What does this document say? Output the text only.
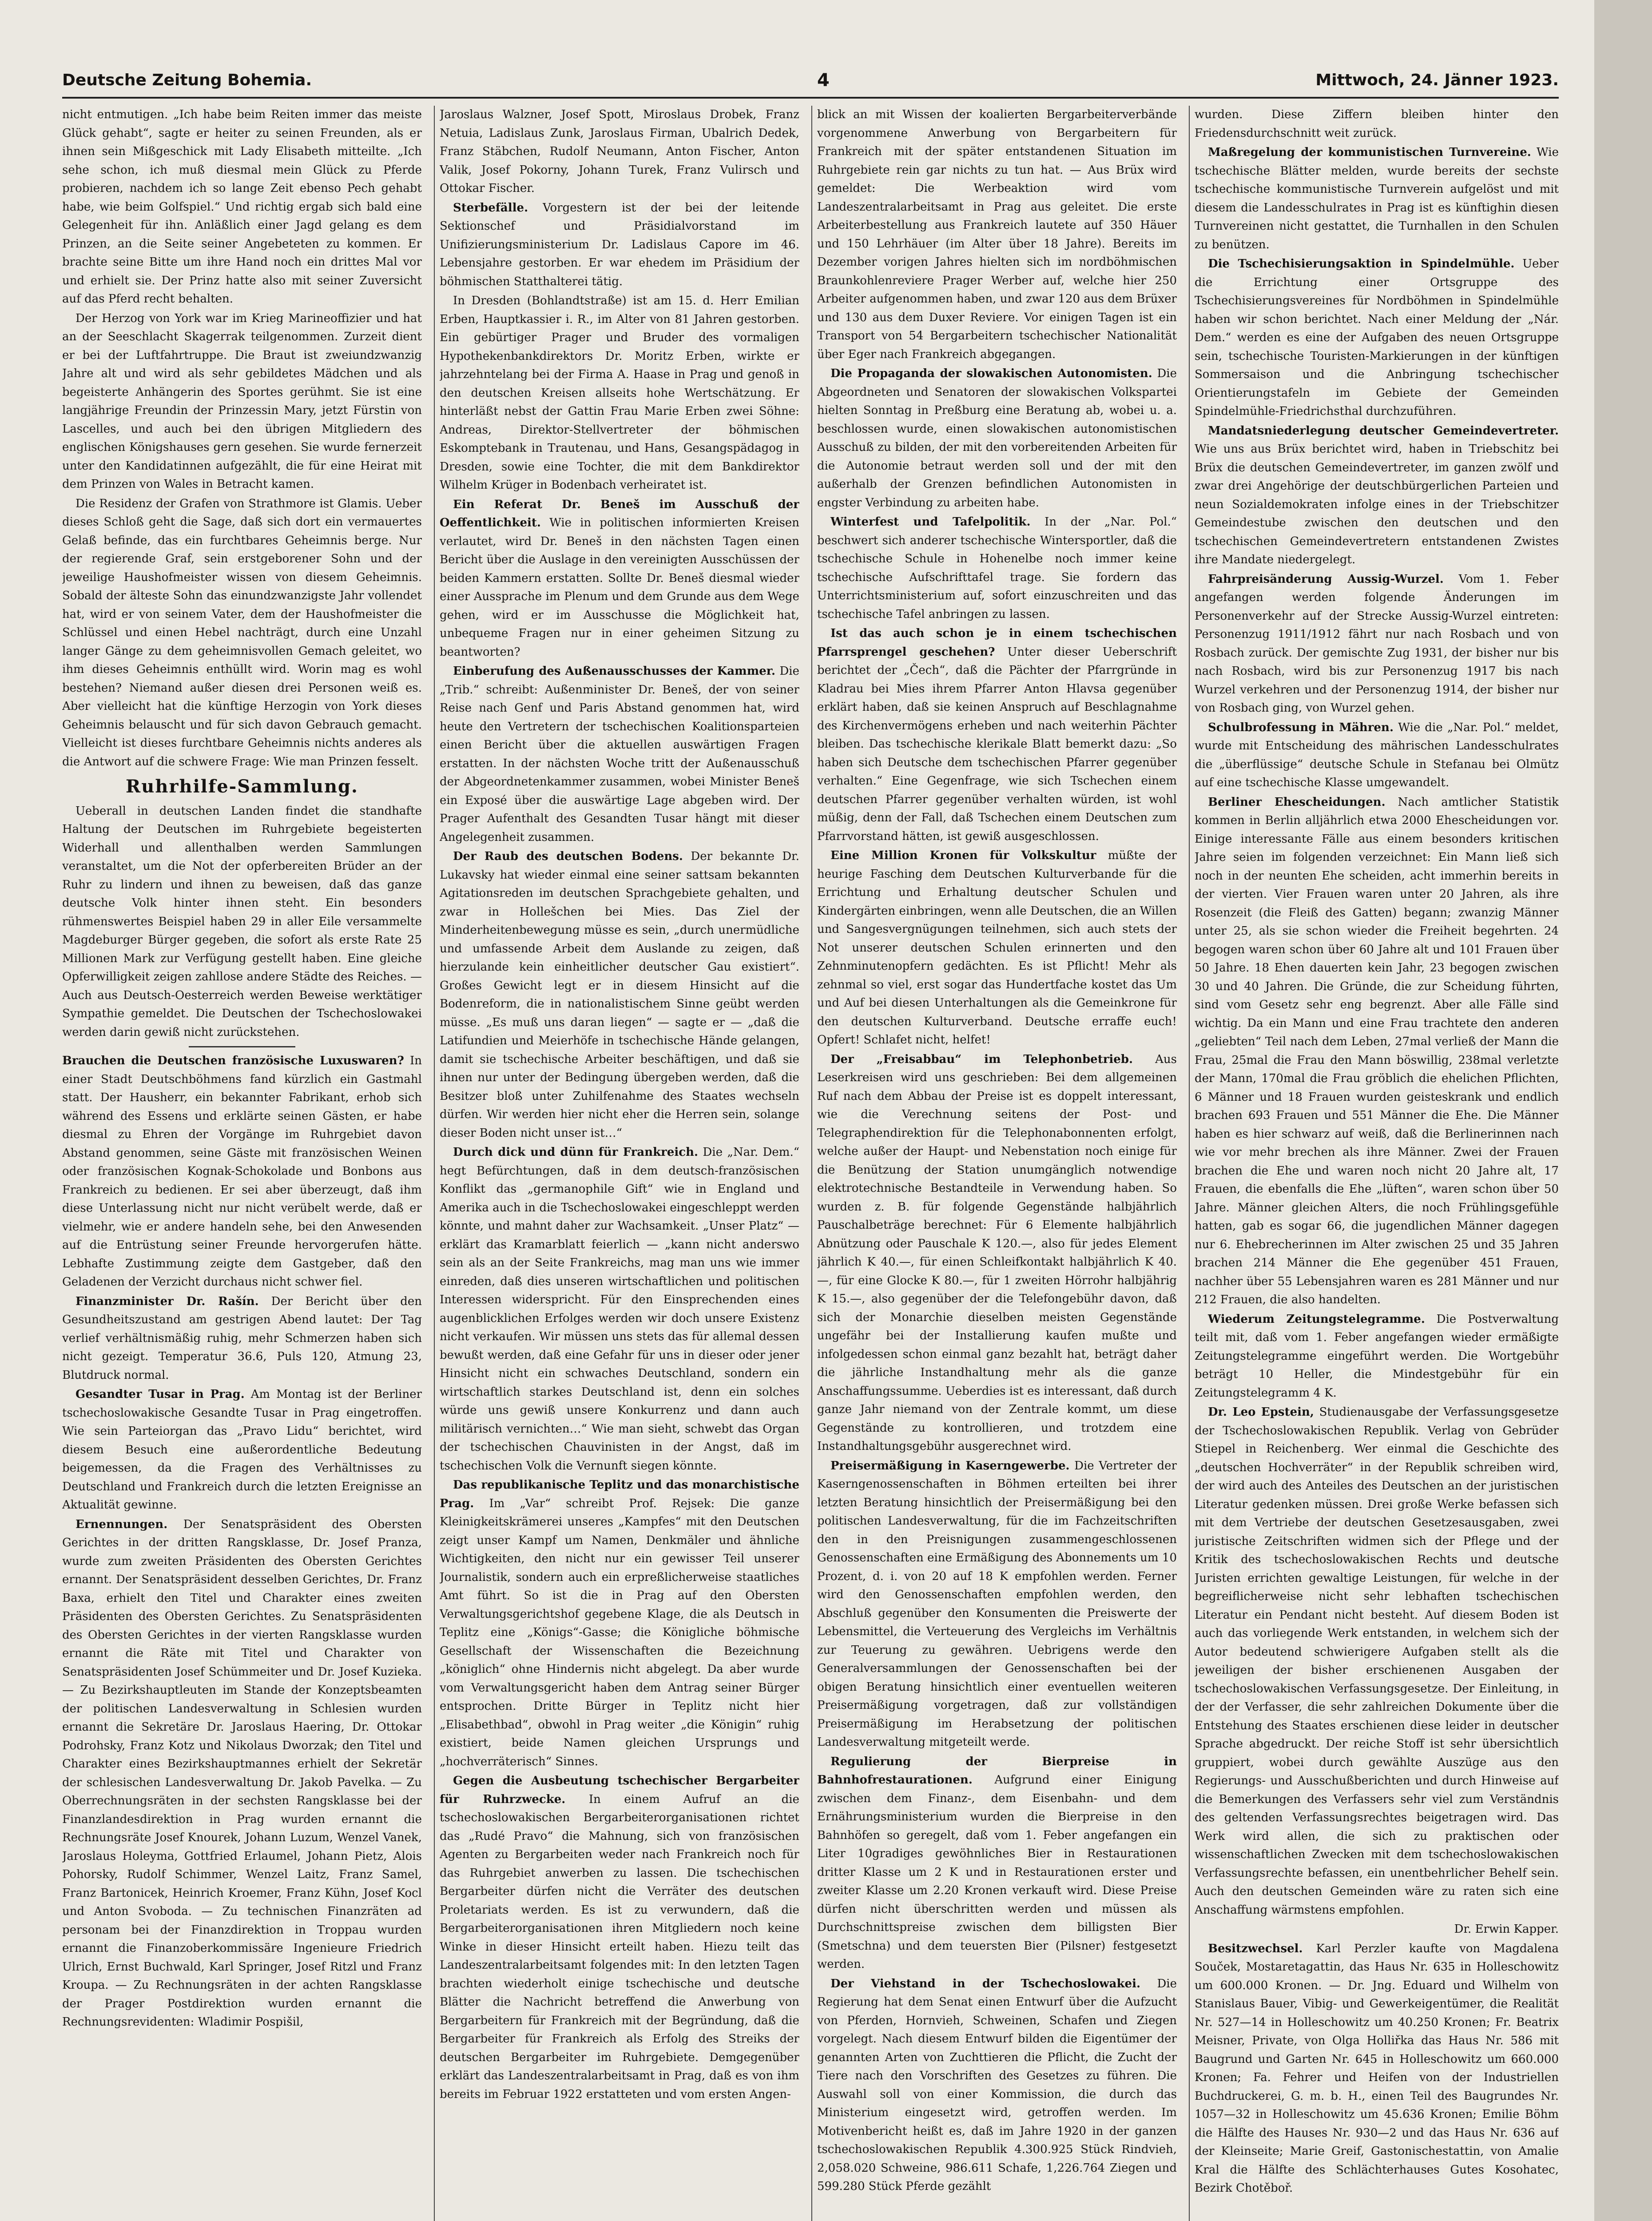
Deutsche Zeitung Bohemia.	4	Mittwoch, 24. Jänner 1923.

nicht entmutigen. „Ich habe beim Reiten immer das meiste Glück gehabt“, sagte er heiter zu seinen Freunden, als er ihnen sein Mißgeschick mit Lady Elisabeth mitteilte. „Ich sehe schon, ich muß diesmal mein Glück zu Pferde probieren, nachdem ich so lange Zeit ebenso Pech gehabt habe, wie beim Golfspiel.“ Und richtig ergab sich bald eine Gelegenheit für ihn. Anläßlich einer Jagd gelang es dem Prinzen, an die Seite seiner Angebeteten zu kommen. Er brachte seine Bitte um ihre Hand noch ein drittes Mal vor und erhielt sie. Der Prinz hatte also mit seiner Zuversicht auf das Pferd recht behalten.

Der Herzog von York war im Krieg Marineoffizier und hat an der Seeschlacht Skagerrak teilgenommen. Zurzeit dient er bei der Luftfahrtruppe. Die Braut ist zweiundzwanzig Jahre alt und wird als sehr gebildetes Mädchen und als begeisterte Anhängerin des Sportes gerühmt. Sie ist eine langjährige Freundin der Prinzessin Mary, jetzt Fürstin von Lascelles, und auch bei den übrigen Mitgliedern des englischen Königshauses gern gesehen. Sie wurde fernerzeit unter den Kandidatinnen aufgezählt, die für eine Heirat mit dem Prinzen von Wales in Betracht kamen.

Die Residenz der Grafen von Strathmore ist Glamis. Ueber dieses Schloß geht die Sage, daß sich dort ein vermauertes Gelaß befinde, das ein furchtbares Geheimnis berge. Nur der regierende Graf, sein erstgeborener Sohn und der jeweilige Haushofmeister wissen von diesem Geheimnis. Sobald der älteste Sohn das einundzwanzigste Jahr vollendet hat, wird er von seinem Vater, dem der Haushofmeister die Schlüssel und einen Hebel nachträgt, durch eine Unzahl langer Gänge zu dem geheimnisvollen Gemach geleitet, wo ihm dieses Geheimnis enthüllt wird. Worin mag es wohl bestehen? Niemand außer diesen drei Personen weiß es. Aber vielleicht hat die künftige Herzogin von York dieses Geheimnis belauscht und für sich davon Gebrauch gemacht. Vielleicht ist dieses furchtbare Geheimnis nichts anderes als die Antwort auf die schwere Frage: Wie man Prinzen fesselt.

Ruhrhilfe-Sammlung.

Ueberall in deutschen Landen findet die standhafte Haltung der Deutschen im Ruhrgebiete begeisterten Widerhall und allenthalben werden Sammlungen veranstaltet, um die Not der opferbereiten Brüder an der Ruhr zu lindern und ihnen zu beweisen, daß das ganze deutsche Volk hinter ihnen steht. Ein besonders rühmenswertes Beispiel haben 29 in aller Eile versammelte Magdeburger Bürger gegeben, die sofort als erste Rate 25 Millionen Mark zur Verfügung gestellt haben. Eine gleiche Opferwilligkeit zeigen zahllose andere Städte des Reiches. — Auch aus Deutsch-Oesterreich werden Beweise werktätiger Sympathie gemeldet. Die Deutschen der Tschechoslowakei werden darin gewiß nicht zurückstehen.

Brauchen die Deutschen französische Luxuswaren? In einer Stadt Deutschböhmens fand kürzlich ein Gastmahl statt. Der Hausherr, ein bekannter Fabrikant, erhob sich während des Essens und erklärte seinen Gästen, er habe diesmal zu Ehren der Vorgänge im Ruhrgebiet davon Abstand genommen, seine Gäste mit französischen Weinen oder französischen Kognak-Schokolade und Bonbons aus Frankreich zu bedienen. Er sei aber überzeugt, daß ihm diese Unterlassung nicht nur nicht verübelt werde, daß er vielmehr, wie er andere handeln sehe, bei den Anwesenden auf die Entrüstung seiner Freunde hervorgerufen hätte. Lebhafte Zustimmung zeigte dem Gastgeber, daß den Geladenen der Verzicht durchaus nicht schwer fiel.

Finanzminister Dr. Rašín. Der Bericht über den Gesundheitszustand am gestrigen Abend lautet: Der Tag verlief verhältnismäßig ruhig, mehr Schmerzen haben sich nicht gezeigt. Temperatur 36.6, Puls 120, Atmung 23, Blutdruck normal.

Gesandter Tusar in Prag. Am Montag ist der Berliner tschechoslowakische Gesandte Tusar in Prag eingetroffen. Wie sein Parteiorgan das „Pravo Lidu“ berichtet, wird diesem Besuch eine außerordentliche Bedeutung beigemessen, da die Fragen des Verhältnisses zu Deutschland und Frankreich durch die letzten Ereignisse an Aktualität gewinne.

Ernennungen. Der Senatspräsident des Obersten Gerichtes in der dritten Rangsklasse, Dr. Josef Pranza, wurde zum zweiten Präsidenten des Obersten Gerichtes ernannt. Der Senatspräsident desselben Gerichtes, Dr. Franz Baxa, erhielt den Titel und Charakter eines zweiten Präsidenten des Obersten Gerichtes. Zu Senatspräsidenten des Obersten Gerichtes in der vierten Rangsklasse wurden ernannt die Räte mit Titel und Charakter von Senatspräsidenten Josef Schümmeiter und Dr. Josef Kuzieka. — Zu Bezirkshauptleuten im Stande der Konzeptsbeamten der politischen Landesverwaltung in Schlesien wurden ernannt die Sekretäre Dr. Jaroslaus Haering, Dr. Ottokar Podrohsky, Franz Kotz und Nikolaus Dworzak; den Titel und Charakter eines Bezirkshauptmannes erhielt der Sekretär der schlesischen Landesverwaltung Dr. Jakob Pavelka. — Zu Oberrechnungsräten in der sechsten Rangsklasse bei der Finanzlandesdirektion in Prag wurden ernannt die Rechnungsräte Josef Knourek, Johann Luzum, Wenzel Vanek, Jaroslaus Holeyma, Gottfried Erlaumel, Johann Pietz, Alois Pohorsky, Rudolf Schimmer, Wenzel Laitz, Franz Samel, Franz Bartonicek, Heinrich Kroemer, Franz Kühn, Josef Kocl und Anton Svoboda. — Zu technischen Finanzräten ad personam bei der Finanzdirektion in Troppau wurden ernannt die Finanzoberkommissäre Ingenieure Friedrich Ulrich, Ernst Buchwald, Karl Springer, Josef Ritzl und Franz Kroupa. — Zu Rechnungsräten in der achten Rangsklasse der Prager Postdirektion wurden ernannt die Rechnungsrevidenten: Wladimir Pospišil,

Jaroslaus Walzner, Josef Spott, Miroslaus Drobek, Franz Netuia, Ladislaus Zunk, Jaroslaus Firman, Ubalrich Dedek, Franz Stäbchen, Rudolf Neumann, Anton Fischer, Anton Valik, Josef Pokorny, Johann Turek, Franz Vulirsch und Ottokar Fischer.

Sterbefälle. Vorgestern ist der bei der leitende Sektionschef und Präsidialvorstand im Unifizierungsministerium Dr. Ladislaus Capore im 46. Lebensjahre gestorben. Er war ehedem im Präsidium der böhmischen Statthalterei tätig.

In Dresden (Bohlandtstraße) ist am 15. d. Herr Emilian Erben, Hauptkassier i. R., im Alter von 81 Jahren gestorben. Ein gebürtiger Prager und Bruder des vormaligen Hypothekenbankdirektors Dr. Moritz Erben, wirkte er jahrzehntelang bei der Firma A. Haase in Prag und genoß in den deutschen Kreisen allseits hohe Wertschätzung. Er hinterläßt nebst der Gattin Frau Marie Erben zwei Söhne: Andreas, Direktor-Stellvertreter der böhmischen Eskomptebank in Trautenau, und Hans, Gesangspädagog in Dresden, sowie eine Tochter, die mit dem Bankdirektor Wilhelm Krüger in Bodenbach verheiratet ist.

Ein Referat Dr. Beneš im Ausschuß der Oeffentlichkeit. Wie in politischen informierten Kreisen verlautet, wird Dr. Beneš in den nächsten Tagen einen Bericht über die Auslage in den vereinigten Ausschüssen der beiden Kammern erstatten. Sollte Dr. Beneš diesmal wieder einer Aussprache im Plenum und dem Grunde aus dem Wege gehen, wird er im Ausschusse die Möglichkeit hat, unbequeme Fragen nur in einer geheimen Sitzung zu beantworten?

Einberufung des Außenausschusses der Kammer. Die „Trib.“ schreibt: Außenminister Dr. Beneš, der von seiner Reise nach Genf und Paris Abstand genommen hat, wird heute den Vertretern der tschechischen Koalitionsparteien einen Bericht über die aktuellen auswärtigen Fragen erstatten. In der nächsten Woche tritt der Außenausschuß der Abgeordnetenkammer zusammen, wobei Minister Beneš ein Exposé über die auswärtige Lage abgeben wird. Der Prager Aufenthalt des Gesandten Tusar hängt mit dieser Angelegenheit zusammen.

Der Raub des deutschen Bodens. Der bekannte Dr. Lukavsky hat wieder einmal eine seiner sattsam bekannten Agitationsreden im deutschen Sprachgebiete gehalten, und zwar in Hollešchen bei Mies. Das Ziel der Minderheitenbewegung müsse es sein, „durch unermüdliche und umfassende Arbeit dem Auslande zu zeigen, daß hierzulande kein einheitlicher deutscher Gau existiert“. Großes Gewicht legt er in diesem Hinsicht auf die Bodenreform, die in nationalistischem Sinne geübt werden müsse. „Es muß uns daran liegen“ — sagte er — „daß die Latifundien und Meierhöfe in tschechische Hände gelangen, damit sie tschechische Arbeiter beschäftigen, und daß sie ihnen nur unter der Bedingung übergeben werden, daß die Besitzer bloß unter Zuhilfenahme des Staates wechseln dürfen. Wir werden hier nicht eher die Herren sein, solange dieser Boden nicht unser ist…“

Durch dick und dünn für Frankreich. Die „Nar. Dem.“ hegt Befürchtungen, daß in dem deutsch-französischen Konflikt das „germanophile Gift“ wie in England und Amerika auch in die Tschechoslowakei eingeschleppt werden könnte, und mahnt daher zur Wachsamkeit. „Unser Platz“ — erklärt das Kramarblatt feierlich — „kann nicht anderswo sein als an der Seite Frankreichs, mag man uns wie immer einreden, daß dies unseren wirtschaftlichen und politischen Interessen widerspricht. Für den Einsprechenden eines augenblicklichen Erfolges werden wir doch unsere Existenz nicht verkaufen. Wir müssen uns stets das für allemal dessen bewußt werden, daß eine Gefahr für uns in dieser oder jener Hinsicht nicht ein schwaches Deutschland, sondern ein wirtschaftlich starkes Deutschland ist, denn ein solches würde uns gewiß unsere Konkurrenz und dann auch militärisch vernichten…“ Wie man sieht, schwebt das Organ der tschechischen Chauvinisten in der Angst, daß im tschechischen Volk die Vernunft siegen könnte.

Das republikanische Teplitz und das monarchistische Prag. Im „Var“ schreibt Prof. Rejsek: Die ganze Kleinigkeitskrämerei unseres „Kampfes“ mit den Deutschen zeigt unser Kampf um Namen, Denkmäler und ähnliche Wichtigkeiten, den nicht nur ein gewisser Teil unserer Journalistik, sondern auch ein erpreßlicherweise staatliches Amt führt. So ist die in Prag auf den Obersten Verwaltungsgerichtshof gegebene Klage, die als Deutsch in Teplitz eine „Königs“-Gasse; die Königliche böhmische Gesellschaft der Wissenschaften die Bezeichnung „königlich“ ohne Hindernis nicht abgelegt. Da aber wurde vom Verwaltungsgericht haben dem Antrag seiner Bürger entsprochen. Dritte Bürger in Teplitz nicht hier „Elisabethbad“, obwohl in Prag weiter „die Königin“ ruhig existiert, beide Namen gleichen Ursprungs und „hochverräterisch“ Sinnes.

Gegen die Ausbeutung tschechischer Bergarbeiter für Ruhrzwecke. In einem Aufruf an die tschechoslowakischen Bergarbeiterorganisationen richtet das „Rudé Pravo“ die Mahnung, sich von französischen Agenten zu Bergarbeiten weder nach Frankreich noch für das Ruhrgebiet anwerben zu lassen. Die tschechischen Bergarbeiter dürfen nicht die Verräter des deutschen Proletariats werden. Es ist zu verwundern, daß die Bergarbeiterorganisationen ihren Mitgliedern noch keine Winke in dieser Hinsicht erteilt haben. Hiezu teilt das Landeszentralarbeitsamt folgendes mit: In den letzten Tagen brachten wiederholt einige tschechische und deutsche Blätter die Nachricht betreffend die Anwerbung von Bergarbeitern für Frankreich mit der Begründung, daß die Bergarbeiter für Frankreich als Erfolg des Streiks der deutschen Bergarbeiter im Ruhrgebiete. Demgegenüber erklärt das Landeszentralarbeitsamt in Prag, daß es von ihm bereits im Februar 1922 erstatteten und vom ersten Angen-

blick an mit Wissen der koalierten Bergarbeiterverbände vorgenommene Anwerbung von Bergarbeitern für Frankreich mit der später entstandenen Situation im Ruhrgebiete rein gar nichts zu tun hat. — Aus Brüx wird gemeldet: Die Werbeaktion wird vom Landeszentralarbeitsamt in Prag aus geleitet. Die erste Arbeiterbestellung aus Frankreich lautete auf 350 Häuer und 150 Lehrhäuer (im Alter über 18 Jahre). Bereits im Dezember vorigen Jahres hielten sich im nordböhmischen Braunkohlenreviere Prager Werber auf, welche hier 250 Arbeiter aufgenommen haben, und zwar 120 aus dem Brüxer und 130 aus dem Duxer Reviere. Vor einigen Tagen ist ein Transport von 54 Bergarbeitern tschechischer Nationalität über Eger nach Frankreich abgegangen.

Die Propaganda der slowakischen Autonomisten. Die Abgeordneten und Senatoren der slowakischen Volkspartei hielten Sonntag in Preßburg eine Beratung ab, wobei u. a. beschlossen wurde, einen slowakischen autonomistischen Ausschuß zu bilden, der mit den vorbereitenden Arbeiten für die Autonomie betraut werden soll und der mit den außerhalb der Grenzen befindlichen Autonomisten in engster Verbindung zu arbeiten habe.

Winterfest und Tafelpolitik. In der „Nar. Pol.“ beschwert sich anderer tschechische Wintersportler, daß die tschechische Schule in Hohenelbe noch immer keine tschechische Aufschrifttafel trage. Sie fordern das Unterrichtsministerium auf, sofort einzuschreiten und das tschechische Tafel anbringen zu lassen.

Ist das auch schon je in einem tschechischen Pfarrsprengel geschehen? Unter dieser Ueberschrift berichtet der „Čech“, daß die Pächter der Pfarrgründe in Kladrau bei Mies ihrem Pfarrer Anton Hlavsa gegenüber erklärt haben, daß sie keinen Anspruch auf Beschlagnahme des Kirchenvermögens erheben und nach weiterhin Pächter bleiben. Das tschechische klerikale Blatt bemerkt dazu: „So haben sich Deutsche dem tschechischen Pfarrer gegenüber verhalten.“ Eine Gegenfrage, wie sich Tschechen einem deutschen Pfarrer gegenüber verhalten würden, ist wohl müßig, denn der Fall, daß Tschechen einem Deutschen zum Pfarrvorstand hätten, ist gewiß ausgeschlossen.

Eine Million Kronen für Volkskultur müßte der heurige Fasching dem Deutschen Kulturverbande für die Errichtung und Erhaltung deutscher Schulen und Kindergärten einbringen, wenn alle Deutschen, die an Willen und Sangesvergnügungen teilnehmen, sich auch stets der Not unserer deutschen Schulen erinnerten und den Zehnminutenopfern gedächten. Es ist Pflicht! Mehr als zehnmal so viel, erst sogar das Hundertfache kostet das Um und Auf bei diesen Unterhaltungen als die Gemeinkrone für den deutschen Kulturverband. Deutsche erraffe euch! Opfert! Schlafet nicht, helfet!

Der „Freisabbau“ im Telephonbetrieb. Aus Leserkreisen wird uns geschrieben: Bei dem allgemeinen Ruf nach dem Abbau der Preise ist es doppelt interessant, wie die Verechnung seitens der Post- und Telegraphendirektion für die Telephonabonnenten erfolgt, welche außer der Haupt- und Nebenstation noch einige für die Benützung der Station unumgänglich notwendige elektrotechnische Bestandteile in Verwendung haben. So wurden z. B. für folgende Gegenstände halbjährlich Pauschalbeträge berechnet: Für 6 Elemente halbjährlich Abnützung oder Pauschale K 120.—, also für jedes Element jährlich K 40.—, für einen Schleifkontakt halbjährlich K 40.—, für eine Glocke K 80.—, für 1 zweiten Hörrohr halbjährig K 15.—, also gegenüber der die Telefongebühr davon, daß sich der Monarchie dieselben meisten Gegenstände ungefähr bei der Installierung kaufen mußte und infolgedessen schon einmal ganz bezahlt hat, beträgt daher die jährliche Instandhaltung mehr als die ganze Anschaffungssumme. Ueberdies ist es interessant, daß durch ganze Jahr niemand von der Zentrale kommt, um diese Gegenstände zu kontrollieren, und trotzdem eine Instandhaltungsgebühr ausgerechnet wird.

Preisermäßigung in Kaserngewerbe. Die Vertreter der Kaserngenossenschaften in Böhmen erteilten bei ihrer letzten Beratung hinsichtlich der Preisermäßigung bei den politischen Landesverwaltung, für die im Fachzeitschriften den in den Preisnigungen zusammengeschlossenen Genossenschaften eine Ermäßigung des Abonnements um 10 Prozent, d. i. von 20 auf 18 K empfohlen werden. Ferner wird den Genossenschaften empfohlen werden, den Abschluß gegenüber den Konsumenten die Preiswerte der Lebensmittel, die Verteuerung des Vergleichs im Verhältnis zur Teuerung zu gewähren. Uebrigens werde den Generalversammlungen der Genossenschaften bei der obigen Beratung hinsichtlich einer eventuellen weiteren Preisermäßigung vorgetragen, daß zur vollständigen Preisermäßigung im Herabsetzung der politischen Landesverwaltung mitgeteilt werde.

Regulierung der Bierpreise in Bahnhofrestaurationen. Aufgrund einer Einigung zwischen dem Finanz-, dem Eisenbahn- und dem Ernährungsministerium wurden die Bierpreise in den Bahnhöfen so geregelt, daß vom 1. Feber angefangen ein Liter 10gradiges gewöhnliches Bier in Restaurationen dritter Klasse um 2 K und in Restaurationen erster und zweiter Klasse um 2.20 Kronen verkauft wird. Diese Preise dürfen nicht überschritten werden und müssen als Durchschnittspreise zwischen dem billigsten Bier (Smetschna) und dem teuersten Bier (Pilsner) festgesetzt werden.

Der Viehstand in der Tschechoslowakei. Die Regierung hat dem Senat einen Entwurf über die Aufzucht von Pferden, Hornvieh, Schweinen, Schafen und Ziegen vorgelegt. Nach diesem Entwurf bilden die Eigentümer der genannten Arten von Zuchttieren die Pflicht, die Zucht der Tiere nach den Vorschriften des Gesetzes zu führen. Die Auswahl soll von einer Kommission, die durch das Ministerium eingesetzt wird, getroffen werden. Im Motivenbericht heißt es, daß im Jahre 1920 in der ganzen tschechoslowakischen Republik 4.300.925 Stück Rindvieh, 2,058.020 Schweine, 986.611 Schafe, 1,226.764 Ziegen und 599.280 Stück Pferde gezählt

wurden. Diese Ziffern bleiben hinter den Friedensdurchschnitt weit zurück.

Maßregelung der kommunistischen Turnvereine. Wie tschechische Blätter melden, wurde bereits der sechste tschechische kommunistische Turnverein aufgelöst und mit diesem die Landesschulrates in Prag ist es künftighin diesen Turnvereinen nicht gestattet, die Turnhallen in den Schulen zu benützen.

Die Tschechisierungsaktion in Spindelmühle. Ueber die Errichtung einer Ortsgruppe des Tschechisierungsvereines für Nordböhmen in Spindelmühle haben wir schon berichtet. Nach einer Meldung der „Nár. Dem.“ werden es eine der Aufgaben des neuen Ortsgruppe sein, tschechische Touristen-Markierungen in der künftigen Sommersaison und die Anbringung tschechischer Orientierungstafeln im Gebiete der Gemeinden Spindelmühle-Friedrichsthal durchzuführen.

Mandatsniederlegung deutscher Gemeindevertreter. Wie uns aus Brüx berichtet wird, haben in Triebschitz bei Brüx die deutschen Gemeindevertreter, im ganzen zwölf und zwar drei Angehörige der deutschbürgerlichen Parteien und neun Sozialdemokraten infolge eines in der Triebschitzer Gemeindestube zwischen den deutschen und den tschechischen Gemeindevertretern entstandenen Zwistes ihre Mandate niedergelegt.

Fahrpreisänderung Aussig-Wurzel. Vom 1. Feber angefangen werden folgende Änderungen im Personenverkehr auf der Strecke Aussig-Wurzel eintreten: Personenzug 1911/1912 fährt nur nach Rosbach und von Rosbach zurück. Der gemischte Zug 1931, der bisher nur bis nach Rosbach, wird bis zur Personenzug 1917 bis nach Wurzel verkehren und der Personenzug 1914, der bisher nur von Rosbach ging, von Wurzel gehen.

Schulbrofessung in Mähren. Wie die „Nar. Pol.“ meldet, wurde mit Entscheidung des mährischen Landesschulrates die „überflüssige“ deutsche Schule in Stefanau bei Olmütz auf eine tschechische Klasse umgewandelt.

Berliner Ehescheidungen. Nach amtlicher Statistik kommen in Berlin alljährlich etwa 2000 Ehescheidungen vor. Einige interessante Fälle aus einem besonders kritischen Jahre seien im folgenden verzeichnet: Ein Mann ließ sich noch in der neunten Ehe scheiden, acht immerhin bereits in der vierten. Vier Frauen waren unter 20 Jahren, als ihre Rosenzeit (die Fleiß des Gatten) begann; zwanzig Männer unter 25, als sie schon wieder die Freiheit begehrten. 24 begogen waren schon über 60 Jahre alt und 101 Frauen über 50 Jahre. 18 Ehen dauerten kein Jahr, 23 begogen zwischen 30 und 40 Jahren. Die Gründe, die zur Scheidung führten, sind vom Gesetz sehr eng begrenzt. Aber alle Fälle sind wichtig. Da ein Mann und eine Frau trachtete den anderen „geliebten“ Teil nach dem Leben, 27mal verließ der Mann die Frau, 25mal die Frau den Mann böswillig, 238mal verletzte der Mann, 170mal die Frau gröblich die ehelichen Pflichten, 6 Männer und 18 Frauen wurden geisteskrank und endlich brachen 693 Frauen und 551 Männer die Ehe. Die Männer haben es hier schwarz auf weiß, daß die Berlinerinnen nach wie vor mehr brechen als ihre Männer. Zwei der Frauen brachen die Ehe und waren noch nicht 20 Jahre alt, 17 Frauen, die ebenfalls die Ehe „lüften“, waren schon über 50 Jahre. Männer gleichen Alters, die noch Frühlingsgefühle hatten, gab es sogar 66, die jugendlichen Männer dagegen nur 6. Ehebrecherinnen im Alter zwischen 25 und 35 Jahren brachen 214 Männer die Ehe gegenüber 451 Frauen, nachher über 55 Lebensjahren waren es 281 Männer und nur 212 Frauen, die also handelten.

Wiederum Zeitungstelegramme. Die Postverwaltung teilt mit, daß vom 1. Feber angefangen wieder ermäßigte Zeitungstelegramme eingeführt werden. Die Wortgebühr beträgt 10 Heller, die Mindestgebühr für ein Zeitungstelegramm 4 K.

Dr. Leo Epstein, Studienausgabe der Verfassungsgesetze der Tschechoslowakischen Republik. Verlag von Gebrüder Stiepel in Reichenberg. Wer einmal die Geschichte des „deutschen Hochverräter“ in der Republik schreiben wird, der wird auch des Anteiles des Deutschen an der juristischen Literatur gedenken müssen. Drei große Werke befassen sich mit dem Vertriebe der deutschen Gesetzesausgaben, zwei juristische Zeitschriften widmen sich der Pflege und der Kritik des tschechoslowakischen Rechts und deutsche Juristen errichten gewaltige Leistungen, für welche in der begreiflicherweise nicht sehr lebhaften tschechischen Literatur ein Pendant nicht besteht. Auf diesem Boden ist auch das vorliegende Werk entstanden, in welchem sich der Autor bedeutend schwierigere Aufgaben stellt als die jeweiligen der bisher erschienenen Ausgaben der tschechoslowakischen Verfassungsgesetze. Der Einleitung, in der der Verfasser, die sehr zahlreichen Dokumente über die Entstehung des Staates erschienen diese leider in deutscher Sprache abgedruckt. Der reiche Stoff ist sehr übersichtlich gruppiert, wobei durch gewählte Auszüge aus den Regierungs- und Ausschußberichten und durch Hinweise auf die Bemerkungen des Verfassers sehr viel zum Verständnis des geltenden Verfassungsrechtes beigetragen wird. Das Werk wird allen, die sich zu praktischen oder wissenschaftlichen Zwecken mit dem tschechoslowakischen Verfassungsrechte befassen, ein unentbehrlicher Behelf sein. Auch den deutschen Gemeinden wäre zu raten sich eine Anschaffung wärmstens empfohlen.

Dr. Erwin Kapper.

Besitzwechsel. Karl Perzler kaufte von Magdalena Souček, Mostaretagattin, das Haus Nr. 635 in Holleschowitz um 600.000 Kronen. — Dr. Jng. Eduard und Wilhelm von Stanislaus Bauer, Vibig- und Gewerkeigentümer, die Realität Nr. 527—14 in Holleschowitz um 40.250 Kronen; Fr. Beatrix Meisner, Private, von Olga Holliřka das Haus Nr. 586 mit Baugrund und Garten Nr. 645 in Holleschowitz um 660.000 Kronen; Fa. Fehrer und Heifen von der Industriellen Buchdruckerei, G. m. b. H., einen Teil des Baugrundes Nr. 1057—32 in Holleschowitz um 45.636 Kronen; Emilie Böhm die Hälfte des Hauses Nr. 930—2 und das Haus Nr. 636 auf der Kleinseite; Marie Greif, Gastonischestattin, von Amalie Kral die Hälfte des Schlächterhauses Gutes Kosohatec, Bezirk Chotěboř.
